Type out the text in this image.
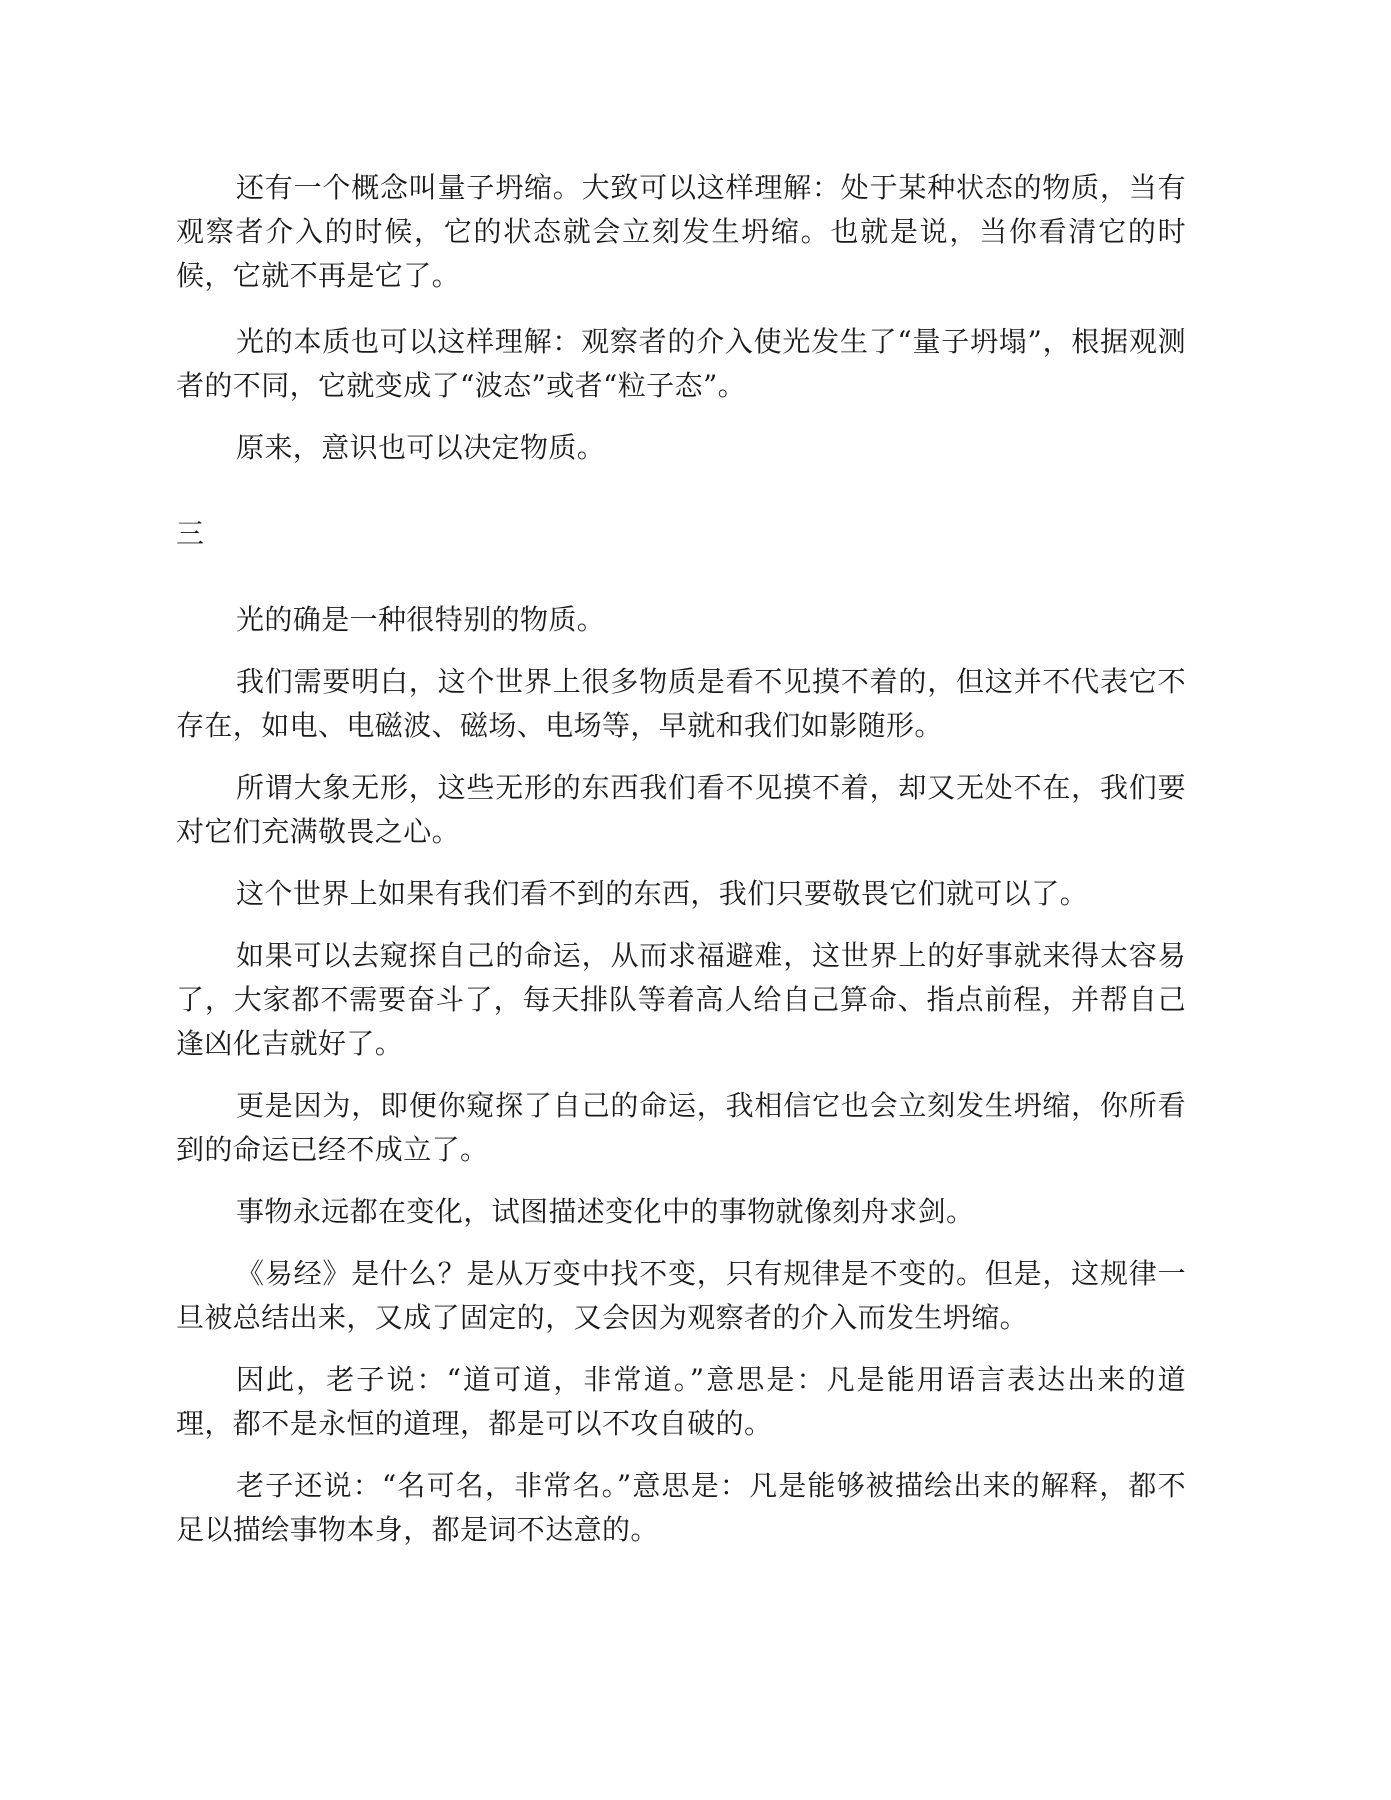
还有一个概念叫量子坍缩。大致可以这样理解：处于某种状态的物质，当有观察者介入的时候，它的状态就会立刻发生坍缩。也就是说，当你看清它的时候，它就不再是它了。

光的本质也可以这样理解：观察者的介入使光发生了“量子坍塌”，根据观测者的不同，它就变成了“波态”或者“粒子态”。

原来，意识也可以决定物质。

三

光的确是一种很特别的物质。

我们需要明白，这个世界上很多物质是看不见摸不着的，但这并不代表它不存在，如电、电磁波、磁场、电场等，早就和我们如影随形。

所谓大象无形，这些无形的东西我们看不见摸不着，却又无处不在，我们要对它们充满敬畏之心。

这个世界上如果有我们看不到的东西，我们只要敬畏它们就可以了。

如果可以去窥探自己的命运，从而求福避难，这世界上的好事就来得太容易了，大家都不需要奋斗了，每天排队等着高人给自己算命、指点前程，并帮自己逢凶化吉就好了。

更是因为，即便你窥探了自己的命运，我相信它也会立刻发生坍缩，你所看到的命运已经不成立了。

事物永远都在变化，试图描述变化中的事物就像刻舟求剑。

《易经》是什么？是从万变中找不变，只有规律是不变的。但是，这规律一旦被总结出来，又成了固定的，又会因为观察者的介入而发生坍缩。

因此，老子说：“道可道，非常道。”意思是：凡是能用语言表达出来的道理，都不是永恒的道理，都是可以不攻自破的。

老子还说：“名可名，非常名。”意思是：凡是能够被描绘出来的解释，都不足以描绘事物本身，都是词不达意的。
